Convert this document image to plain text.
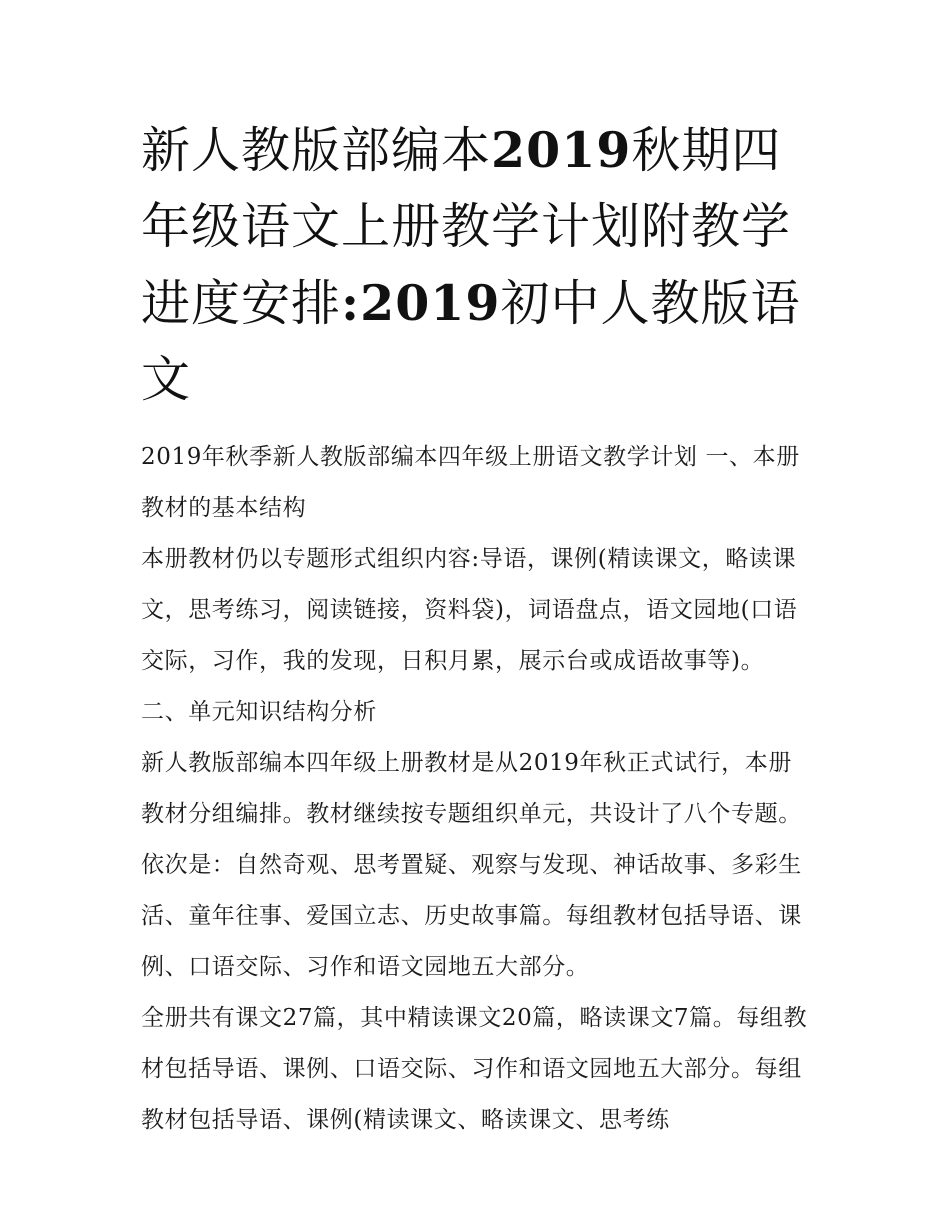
新人教版部编本2019秋期四年级语文上册教学计划附教学进度安排:2019初中人教版语文

2019年秋季新人教版部编本四年级上册语文教学计划 一、本册教材的基本结构

本册教材仍以专题形式组织内容:导语，课例(精读课文，略读课文，思考练习，阅读链接，资料袋)，词语盘点，语文园地(口语交际，习作，我的发现，日积月累，展示台或成语故事等)。

二、单元知识结构分析

新人教版部编本四年级上册教材是从2019年秋正式试行，本册教材分组编排。教材继续按专题组织单元，共设计了八个专题。依次是：自然奇观、思考置疑、观察与发现、神话故事、多彩生活、童年往事、爱国立志、历史故事篇。每组教材包括导语、课例、口语交际、习作和语文园地五大部分。

全册共有课文27篇，其中精读课文20篇，略读课文7篇。每组教材包括导语、课例、口语交际、习作和语文园地五大部分。每组教材包括导语、课例(精读课文、略读课文、思考练
